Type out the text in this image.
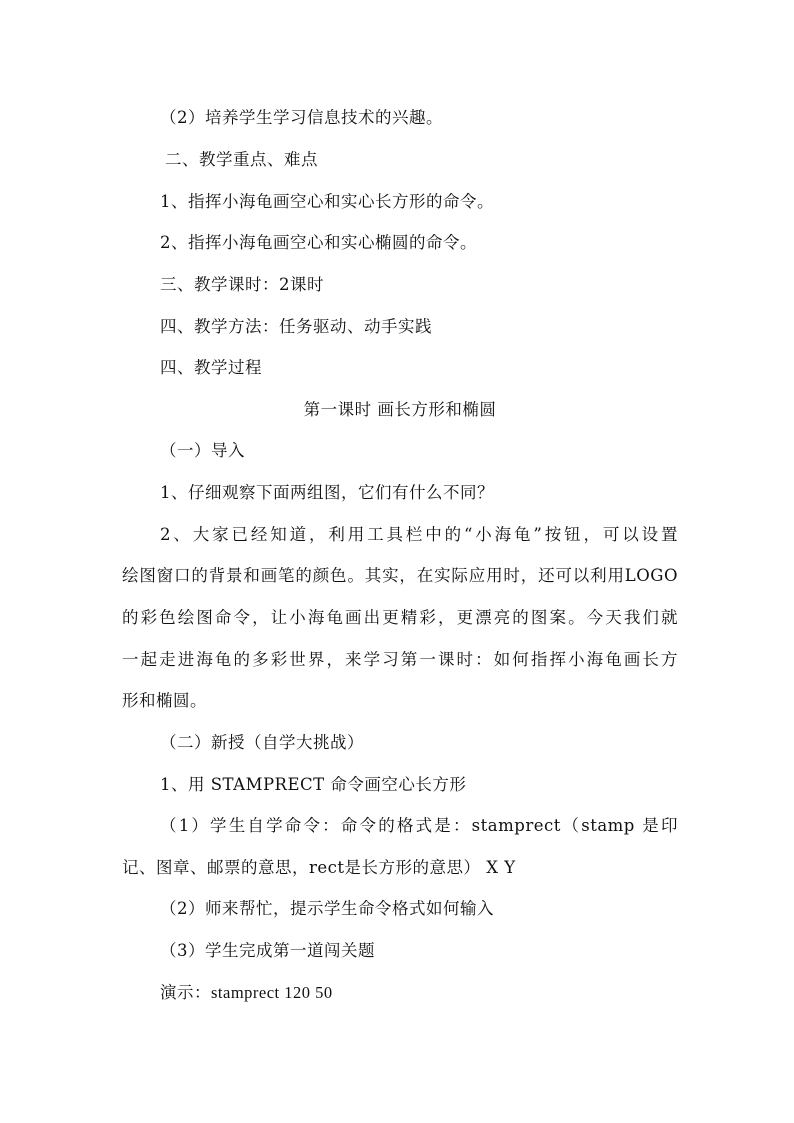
（2）培养学生学习信息技术的兴趣。
二、教学重点、难点
1、指挥小海龟画空心和实心长方形的命令。
2、指挥小海龟画空心和实心椭圆的命令。
三、教学课时：2课时
四、教学方法：任务驱动、动手实践
四、教学过程
第一课时 画长方形和椭圆
（一）导入
1、仔细观察下面两组图，它们有什么不同？
2、大家已经知道，利用工具栏中的“小海龟”按钮，可以设置
绘图窗口的背景和画笔的颜色。其实，在实际应用时，还可以利用LOGO
的彩色绘图命令，让小海龟画出更精彩，更漂亮的图案。今天我们就
一起走进海龟的多彩世界，来学习第一课时：如何指挥小海龟画长方
形和椭圆。
（二）新授（自学大挑战）
1、用 STAMPRECT 命令画空心长方形
（1）学生自学命令：命令的格式是：stamprect（stamp 是印
记、图章、邮票的意思，rect是长方形的意思） X Y
（2）师来帮忙，提示学生命令格式如何输入
（3）学生完成第一道闯关题
演示：stamprect 120 50
